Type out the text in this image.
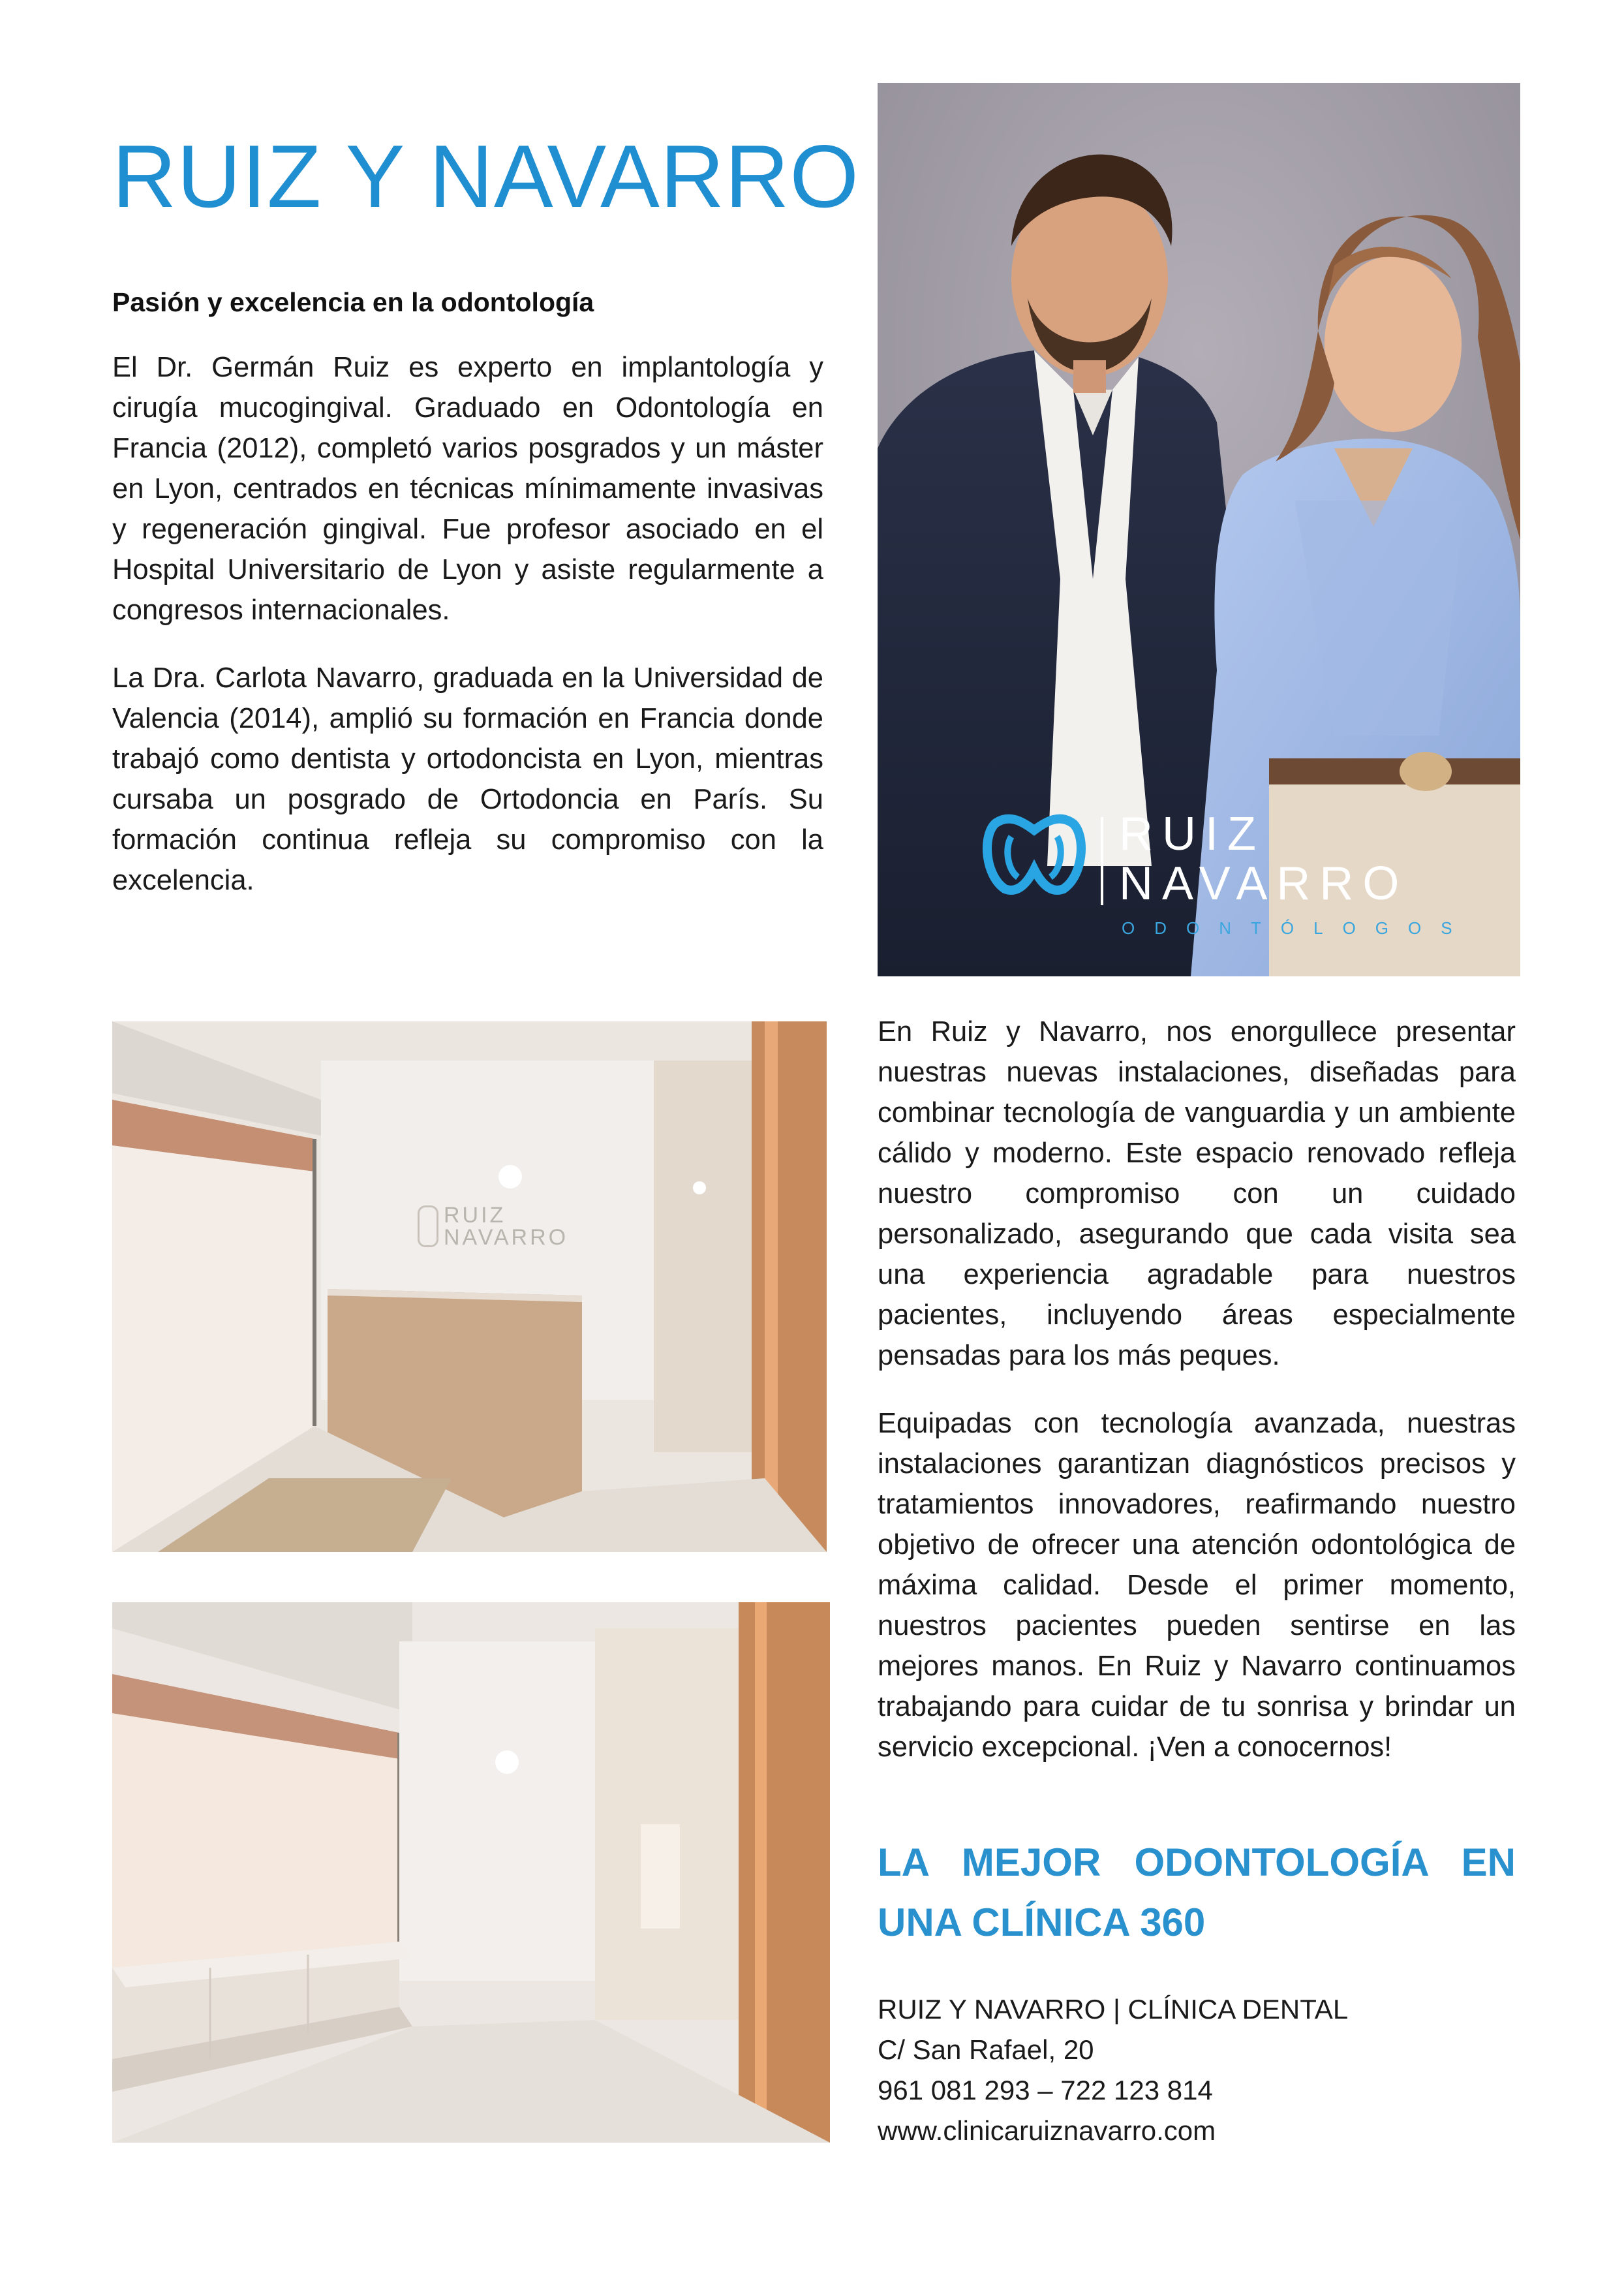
RUIZ Y NAVARRO

Pasión y excelencia en la odontología

El Dr. Germán Ruiz es experto en implantología y cirugía mucogingival. Graduado en Odontología en Francia (2012), completó varios posgrados y un máster en Lyon, centrados en técnicas mínimamente invasivas y regeneración gingival. Fue profesor asociado en el Hospital Universitario de Lyon y asiste regularmente a congresos internacionales.

La Dra. Carlota Navarro, graduada en la Universidad de Valencia (2014), amplió su formación en Francia donde trabajó como dentista y ortodoncista en Lyon, mientras cursaba un posgrado de Ortodoncia en París. Su formación continua refleja su compromiso con la excelencia.

RUIZ
NAVARRO
ODONTÓLOGOS
RUIZ
NAVARRO

En Ruiz y Navarro, nos enorgullece presentar nuestras nuevas instalaciones, diseñadas para combinar tecnología de vanguardia y un ambiente cálido y moderno. Este espacio renovado refleja nuestro compromiso con un cuidado personalizado, asegurando que cada visita sea una experiencia agradable para nuestros pacientes, incluyendo áreas especialmente pensadas para los más peques.

Equipadas con tecnología avanzada, nuestras instalaciones garantizan diagnósticos precisos y tratamientos innovadores, reafirmando nuestro objetivo de ofrecer una atención odontológica de máxima calidad. Desde el primer momento, nuestros pacientes pueden sentirse en las mejores manos. En Ruiz y Navarro continuamos trabajando para cuidar de tu sonrisa y brindar un servicio excepcional. ¡Ven a conocernos!

LA MEJOR ODONTOLOGÍA EN UNA CLÍNICA 360

RUIZ Y NAVARRO | CLÍNICA DENTAL
C/ San Rafael, 20
961 081 293 – 722 123 814
www.clinicaruiznavarro.com
